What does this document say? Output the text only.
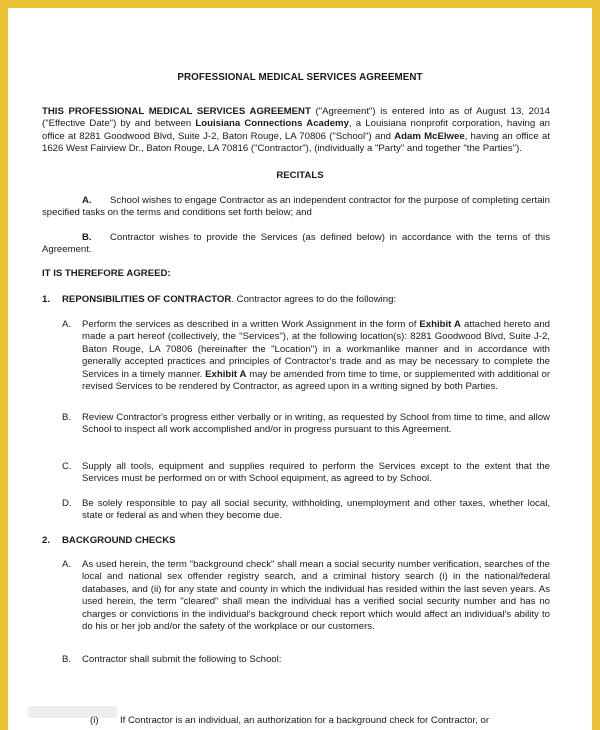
PROFESSIONAL MEDICAL SERVICES AGREEMENT
THIS PROFESSIONAL MEDICAL SERVICES AGREEMENT ("Agreement") is entered into as of August 13, 2014 ("Effective Date") by and between Louisiana Connections Academy, a Louisiana nonprofit corporation, having an office at 8281 Goodwood Blvd, Suite J-2, Baton Rouge, LA 70806 ("School") and Adam McElwee, having an office at 1626 West Fairview Dr., Baton Rouge, LA 70816 ("Contractor"), (individually a "Party" and together "the Parties").
RECITALS
A. School wishes to engage Contractor as an independent contractor for the purpose of completing certain specified tasks on the terms and conditions set forth below; and
B. Contractor wishes to provide the Services (as defined below) in accordance with the terns of this Agreement.
IT IS THEREFORE AGREED:
1. REPONSIBILITIES OF CONTRACTOR. Contractor agrees to do the following:
A. Perform the services as described in a written Work Assignment in the form of Exhibit A attached hereto and made a part hereof (collectively, the "Services"), at the following location(s): 8281 Goodwood Blvd, Suite J-2, Baton Rouge, LA 70806 (hereinafter the "Location") in a workmanlike manner and in accordance with generally accepted practices and principles of Contractor's trade and as may be necessary to complete the Services in a timely manner. Exhibit A may be amended from time to time, or supplemented with additional or revised Services to be rendered by Contractor, as agreed upon in a writing signed by both Parties.
B. Review Contractor's progress either verbally or in writing, as requested by School from time to time, and allow School to inspect all work accomplished and/or in progress pursuant to this Agreement.
C. Supply all tools, equipment and supplies required to perform the Services except to the extent that the Services must be performed on or with School equipment, as agreed to by School.
D. Be solely responsible to pay all social security, withholding, unemployment and other taxes, whether local, state or federal as and when they become due.
2. BACKGROUND CHECKS
A. As used herein, the term "background check" shall mean a social security number verification, searches of the local and national sex offender registry search, and a criminal history search (i) in the national/federal databases, and (ii) for any state and county in which the individual has resided within the last seven years. As used herein, the term "cleared" shall mean the individual has a verified social security number and has no charges or convictions in the individual's background check report which would affect an individual's ability to do his or her job and/or the safety of the workplace or our customers.
B. Contractor shall submit the following to School:
(i) If Contractor is an individual, an authorization for a background check for Contractor, or
